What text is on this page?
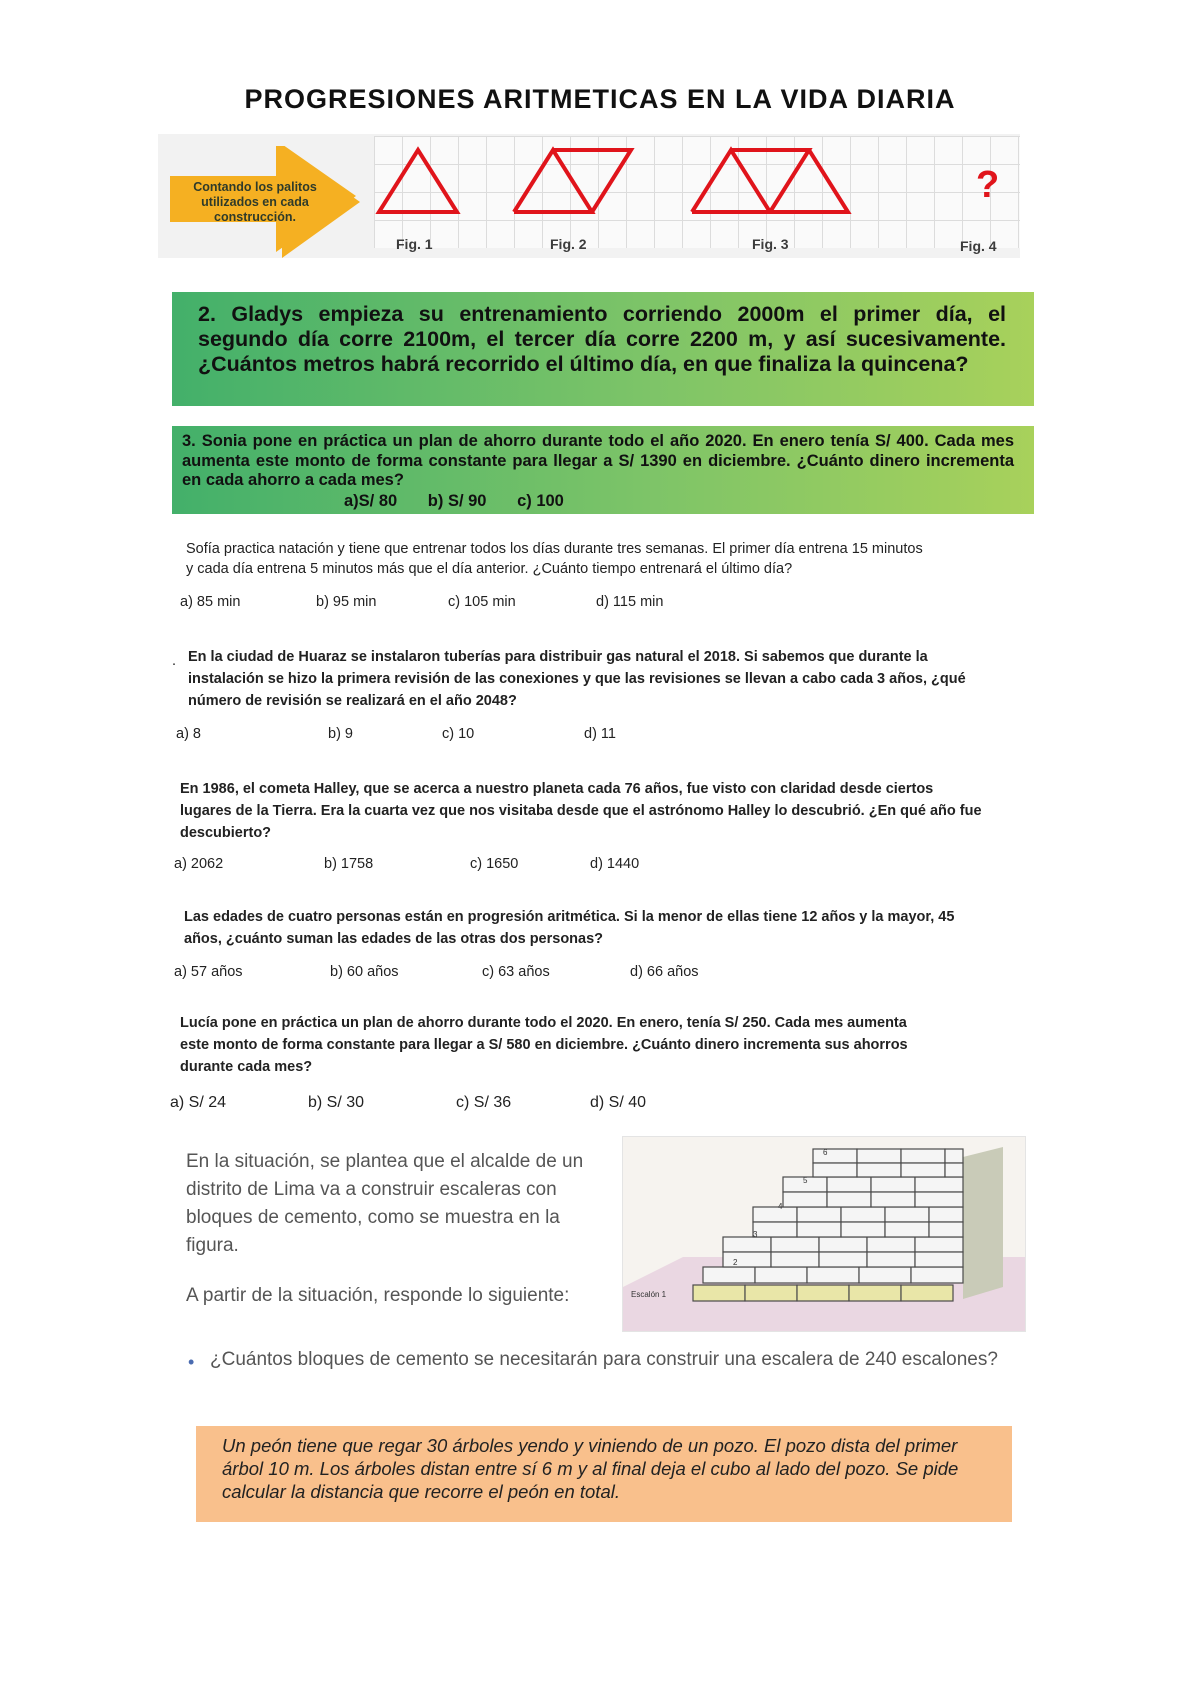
PROGRESIONES ARITMETICAS EN LA VIDA DIARIA
Contando los palitos utilizados en cada construcción.
Fig. 1	Fig. 2	Fig. 3	Fig. 4
?
2. Gladys empieza su entrenamiento corriendo 2000m el primer día, el segundo día corre 2100m, el tercer día corre 2200 m, y así sucesivamente. ¿Cuántos metros habrá recorrido el último día, en que finaliza la quincena?
3. Sonia pone en práctica un plan de ahorro durante todo el año 2020. En enero tenía S/ 400. Cada mes aumenta este monto de forma constante para llegar a S/ 1390 en diciembre. ¿Cuánto dinero incrementa en cada ahorro a cada mes?
a)S/ 80 b) S/ 90 c) 100
Sofía practica natación y tiene que entrenar todos los días durante tres semanas. El primer día entrena 15 minutos
y cada día entrena 5 minutos más que el día anterior. ¿Cuánto tiempo entrenará el último día?
a) 85 min	b) 95 min	c) 105 min	d) 115 min
. En la ciudad de Huaraz se instalaron tuberías para distribuir gas natural el 2018. Si sabemos que durante la
instalación se hizo la primera revisión de las conexiones y que las revisiones se llevan a cabo cada 3 años, ¿qué
número de revisión se realizará en el año 2048?
a) 8	b) 9	c) 10	d) 11
En 1986, el cometa Halley, que se acerca a nuestro planeta cada 76 años, fue visto con claridad desde ciertos
lugares de la Tierra. Era la cuarta vez que nos visitaba desde que el astrónomo Halley lo descubrió. ¿En qué año fue
descubierto?
a) 2062	b) 1758	c) 1650	d) 1440
Las edades de cuatro personas están en progresión aritmética. Si la menor de ellas tiene 12 años y la mayor, 45
años, ¿cuánto suman las edades de las otras dos personas?
a) 57 años	b) 60 años	c) 63 años	d) 66 años
Lucía pone en práctica un plan de ahorro durante todo el 2020. En enero, tenía S/ 250. Cada mes aumenta
este monto de forma constante para llegar a S/ 580 en diciembre. ¿Cuánto dinero incrementa sus ahorros
durante cada mes?
a) S/ 24	b) S/ 30	c) S/ 36	d) S/ 40
En la situación, se plantea que el alcalde de un distrito de Lima va a construir escaleras con bloques de cemento, como se muestra en la figura.
A partir de la situación, responde lo siguiente:	Escalón 1
2
3
4
5
6
• ¿Cuántos bloques de cemento se necesitarán para construir una escalera de 240 escalones?
Un peón tiene que regar 30 árboles yendo y viniendo de un pozo. El pozo dista del primer árbol 10 m. Los árboles distan entre sí 6 m y al final deja el cubo al lado del pozo. Se pide calcular la distancia que recorre el peón en total.
